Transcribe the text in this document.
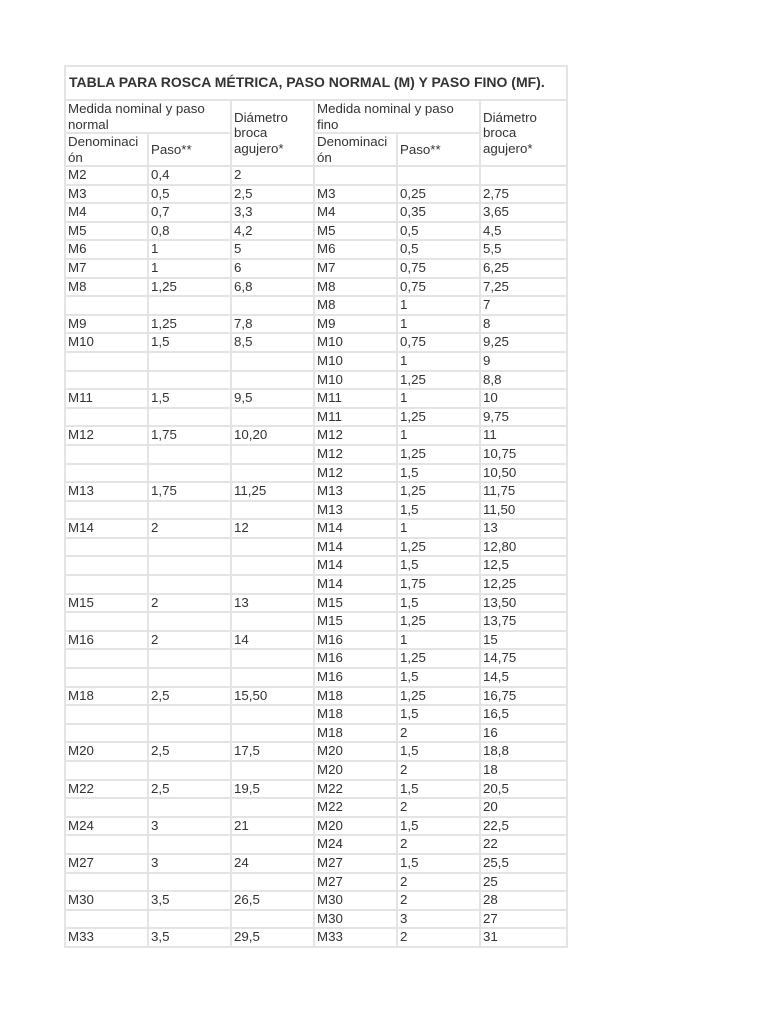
TABLA PARA ROSCA MÉTRICA, PASO NORMAL (M) Y PASO FINO (MF).					
Medida nominal y paso normal		Diámetro broca agujero*	Medida nominal y paso fino		Diámetro broca agujero*
Denominación	Paso**		Denominación	Paso**	
M2	0,4	2			
M3	0,5	2,5	M3	0,25	2,75
M4	0,7	3,3	M4	0,35	3,65
M5	0,8	4,2	M5	0,5	4,5
M6	1	5	M6	0,5	5,5
M7	1	6	M7	0,75	6,25
M8	1,25	6,8	M8	0,75	7,25
			M8	1	7
M9	1,25	7,8	M9	1	8
M10	1,5	8,5	M10	0,75	9,25
			M10	1	9
			M10	1,25	8,8
M11	1,5	9,5	M11	1	10
			M11	1,25	9,75
M12	1,75	10,20	M12	1	11
			M12	1,25	10,75
			M12	1,5	10,50
M13	1,75	11,25	M13	1,25	11,75
			M13	1,5	11,50
M14	2	12	M14	1	13
			M14	1,25	12,80
			M14	1,5	12,5
			M14	1,75	12,25
M15	2	13	M15	1,5	13,50
			M15	1,25	13,75
M16	2	14	M16	1	15
			M16	1,25	14,75
			M16	1,5	14,5
M18	2,5	15,50	M18	1,25	16,75
			M18	1,5	16,5
			M18	2	16
M20	2,5	17,5	M20	1,5	18,8
			M20	2	18
M22	2,5	19,5	M22	1,5	20,5
			M22	2	20
M24	3	21	M20	1,5	22,5
			M24	2	22
M27	3	24	M27	1,5	25,5
			M27	2	25
M30	3,5	26,5	M30	2	28
			M30	3	27
M33	3,5	29,5	M33	2	31
